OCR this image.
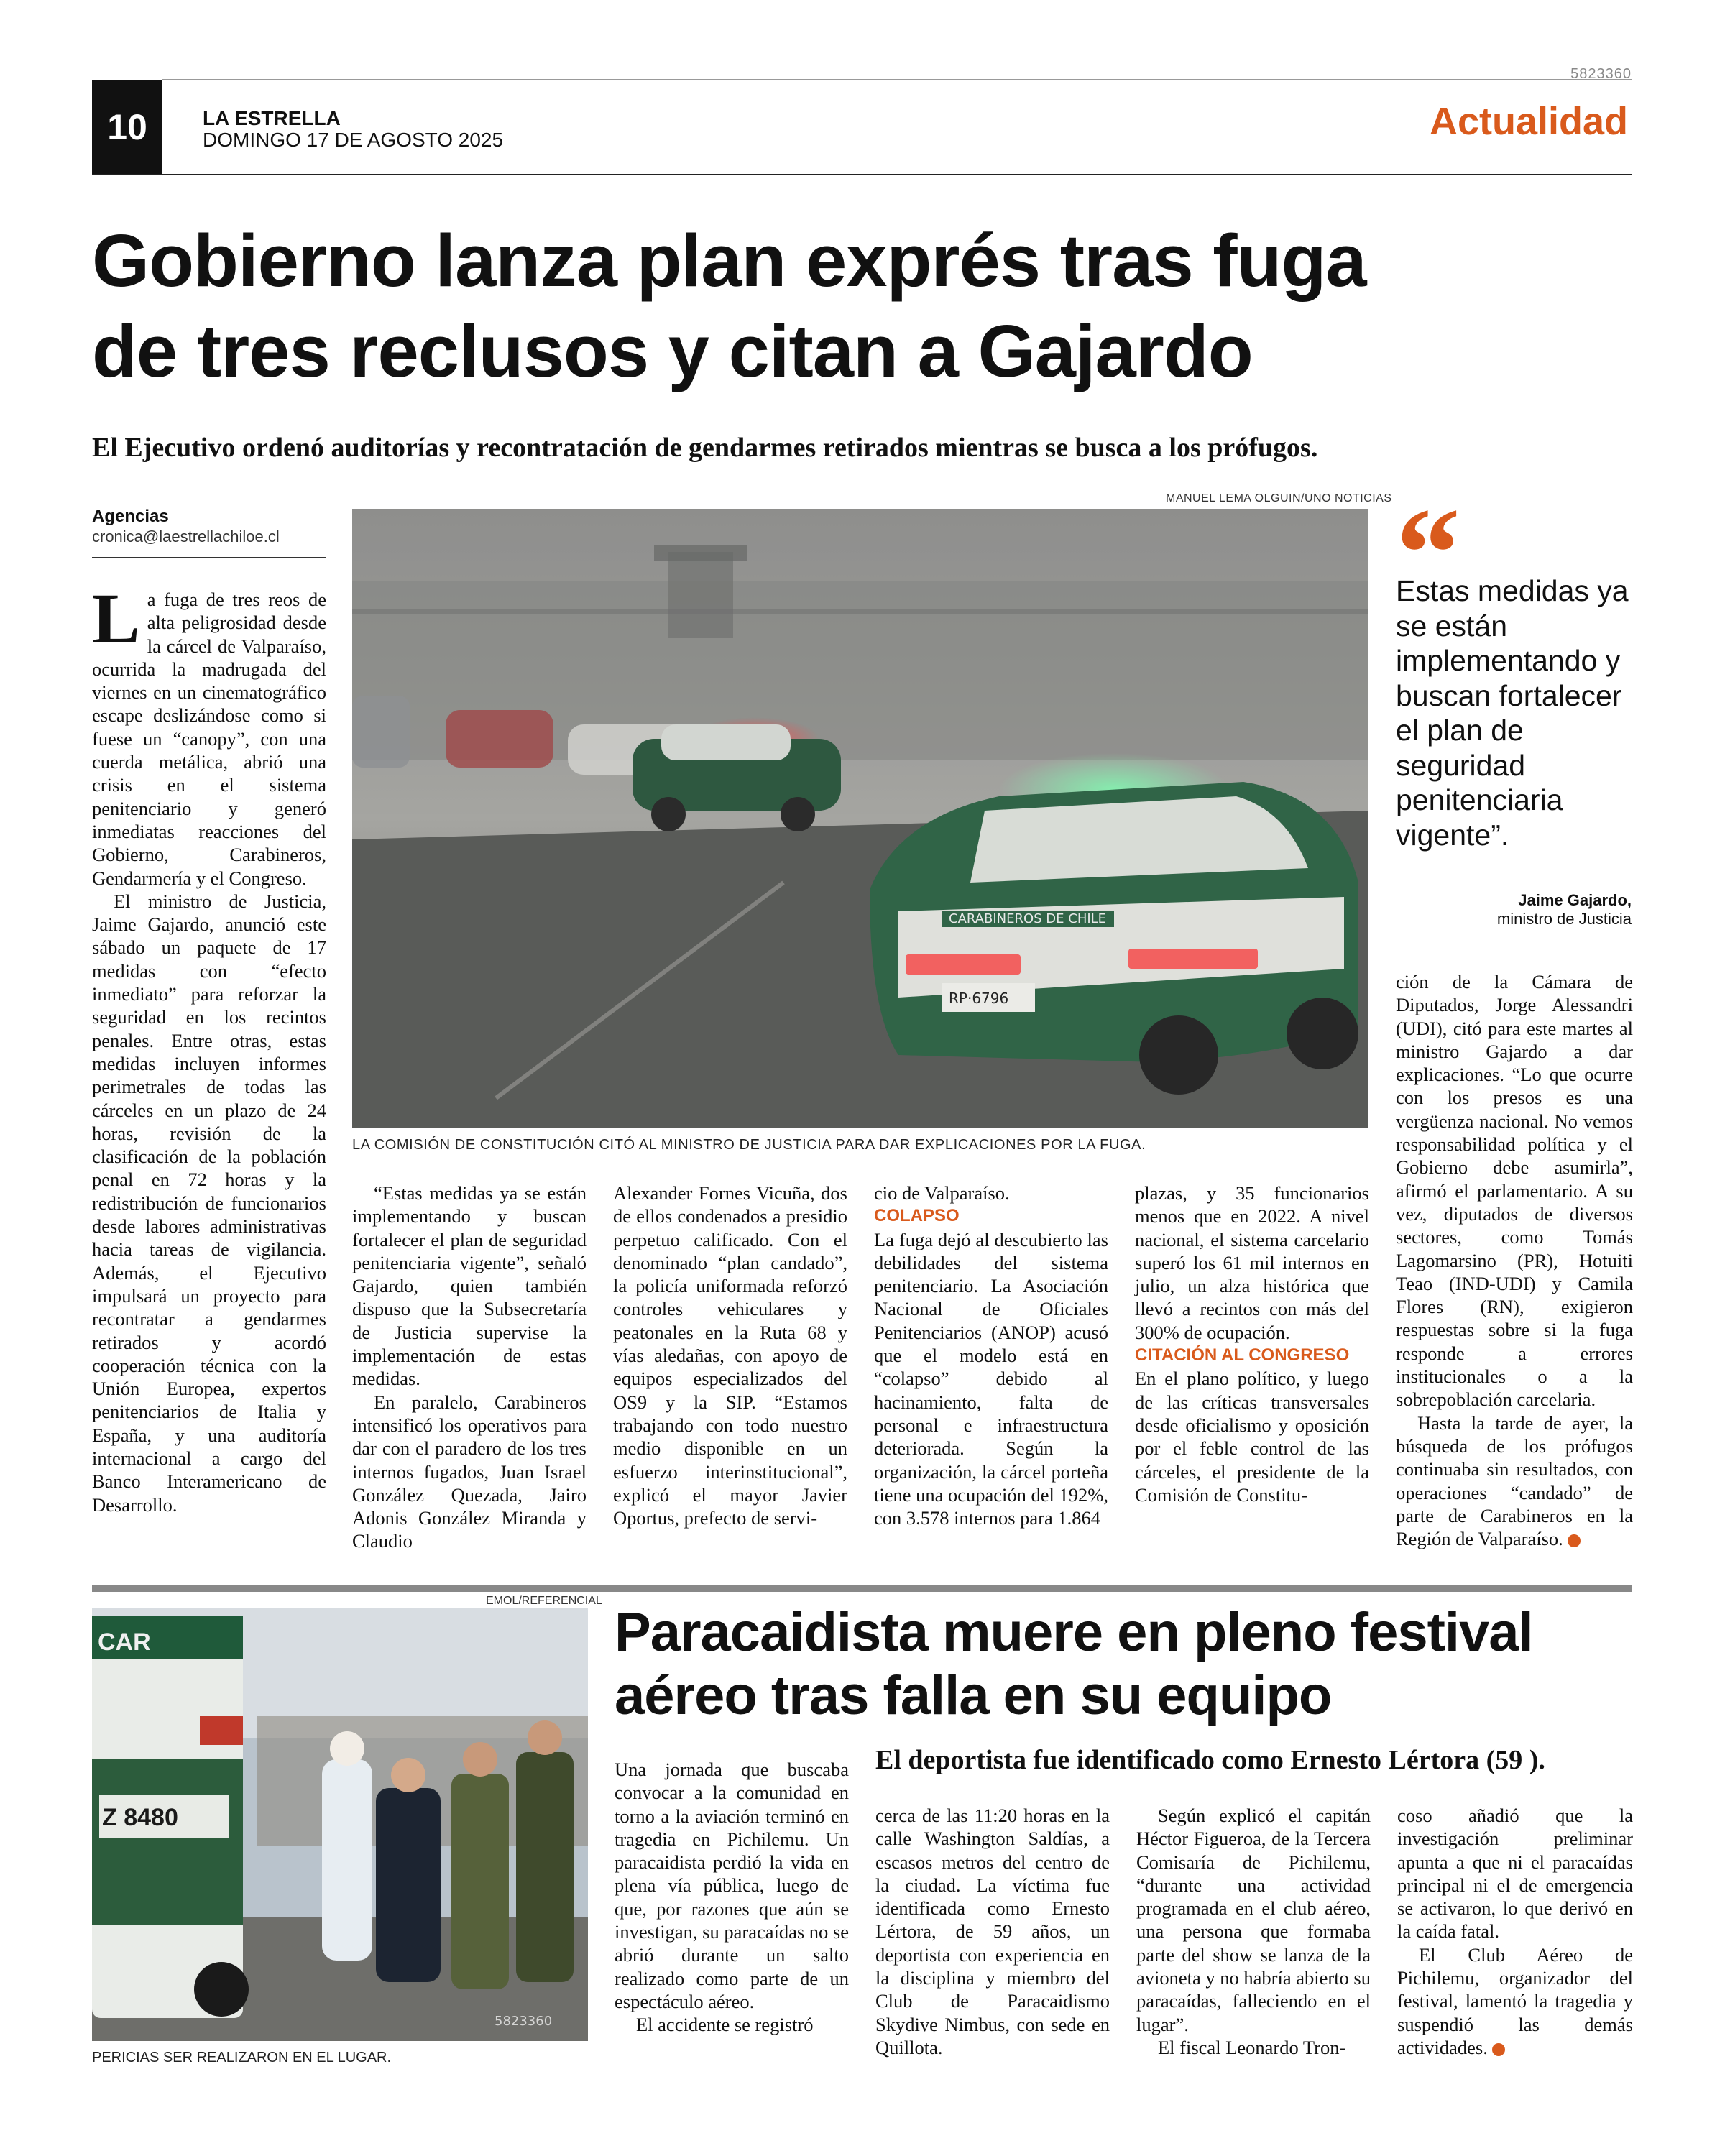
5823360
10	LA ESTRELLA
DOMINGO 17 DE AGOSTO 2025	Actualidad
Gobierno lanza plan exprés tras fuga
de tres reclusos y citan a Gajardo
El Ejecutivo ordenó auditorías y recontratación de gendarmes retirados mientras se busca a los prófugos.
Agencias
cronica@laestrellachiloe.cl

La fuga de tres reos de alta peligrosidad desde la cárcel de Valparaíso, ocurrida la madrugada del viernes en un cinematográfico escape deslizándose como si fuese un “canopy”, con una cuerda metálica, abrió una crisis en el sistema penitenciario y generó inmediatas reacciones del Gobierno, Carabineros, Gendarmería y el Congreso.

El ministro de Justicia, Jaime Gajardo, anunció este sábado un paquete de 17 medidas con “efecto inmediato” para reforzar la seguridad en los recintos penales. Entre otras, estas medidas incluyen informes perimetrales de todas las cárceles en un plazo de 24 horas, revisión de la clasificación de la población penal en 72 horas y la redistribución de funcionarios desde labores administrativas hacia tareas de vigilancia. Además, el Ejecutivo impulsará un proyecto para recontratar a gendarmes retirados y acordó cooperación técnica con la Unión Europea, expertos penitenciarios de Italia y España, y una auditoría internacional a cargo del Banco Interamericano de Desarrollo.

MANUEL LEMA OLGUIN/UNO NOTICIAS
CARABINEROS DE CHILE
RP·6796
LA COMISIÓN DE CONSTITUCIÓN CITÓ AL MINISTRO DE JUSTICIA PARA DAR EXPLICACIONES POR LA FUGA.
“
Estas medidas ya se están implementando y buscan fortalecer el plan de seguridad penitenciaria vigente”.
Jaime Gajardo,
ministro de Justicia

“Estas medidas ya se están implementando y buscan fortalecer el plan de seguridad penitenciaria vigente”, señaló Gajardo, quien también dispuso que la Subsecretaría de Justicia supervise la implementación de estas medidas.

En paralelo, Carabineros intensificó los operativos para dar con el paradero de los tres internos fugados, Juan Israel González Quezada, Jairo Adonis González Miranda y Claudio

Alexander Fornes Vicuña, dos de ellos condenados a presidio perpetuo calificado. Con el denominado “plan candado”, la policía uniformada reforzó controles vehiculares y peatonales en la Ruta 68 y vías aledañas, con apoyo de equipos especializados del OS9 y la SIP. “Estamos trabajando con todo nuestro medio disponible en un esfuerzo interinstitucional”, explicó el mayor Javier Oportus, prefecto de servi-

cio de Valparaíso.

COLAPSO

La fuga dejó al descubierto las debilidades del sistema penitenciario. La Asociación Nacional de Oficiales Penitenciarios (ANOP) acusó que el modelo está en “colapso” debido al hacinamiento, falta de personal e infraestructura deteriorada. Según la organización, la cárcel porteña tiene una ocupación del 192%, con 3.578 internos para 1.864

plazas, y 35 funcionarios menos que en 2022. A nivel nacional, el sistema carcelario superó los 61 mil internos en julio, un alza histórica que llevó a recintos con más del 300% de ocupación.

CITACIÓN AL CONGRESO

En el plano político, y luego de las críticas transversales desde oficialismo y oposición por el feble control de las cárceles, el presidente de la Comisión de Constitu-

ción de la Cámara de Diputados, Jorge Alessandri (UDI), citó para este martes al ministro Gajardo a dar explicaciones. “Lo que ocurre con los presos es una vergüenza nacional. No vemos responsabilidad política y el Gobierno debe asumirla”, afirmó el parlamentario. A su vez, diputados de diversos sectores, como Tomás Lagomarsino (PR), Hotuiti Teao (IND-UDI) y Camila Flores (RN), exigieron respuestas sobre si la fuga responde a errores institucionales o a la sobrepoblación carcelaria.

Hasta la tarde de ayer, la búsqueda de los prófugos continuaba sin resultados, con operaciones “candado” de parte de Carabineros en la Región de Valparaíso.	✪

EMOL/REFERENCIAL
CAR
Z 8480
5823360
PERICIAS SER REALIZARON EN EL LUGAR.
Paracaidista muere en pleno festival
aéreo tras falla en su equipo
El deportista fue identificado como Ernesto Lértora (59 ).

Una jornada que buscaba convocar a la comunidad en torno a la aviación terminó en tragedia en Pichilemu. Un paracaidista perdió la vida en plena vía pública, luego de que, por razones que aún se investigan, su paracaídas no se abrió durante un salto realizado como parte de un espectáculo aéreo.

El accidente se registró

cerca de las 11:20 horas en la calle Washington Saldías, a escasos metros del centro de la ciudad. La víctima fue identificada como Ernesto Lértora, de 59 años, un deportista con experiencia en la disciplina y miembro del Club de Paracaidismo Skydive Nimbus, con sede en Quillota.

Según explicó el capitán Héctor Figueroa, de la Tercera Comisaría de Pichilemu, “durante una actividad programada en el club aéreo, una persona que formaba parte del show se lanza de la avioneta y no habría abierto su paracaídas, falleciendo en el lugar”.

El fiscal Leonardo Tron-

coso añadió que la investigación preliminar apunta a que ni el paracaídas principal ni el de emergencia se activaron, lo que derivó en la caída fatal.

El Club Aéreo de Pichilemu, organizador del festival, lamentó la tragedia y suspendió las demás actividades.	✪
